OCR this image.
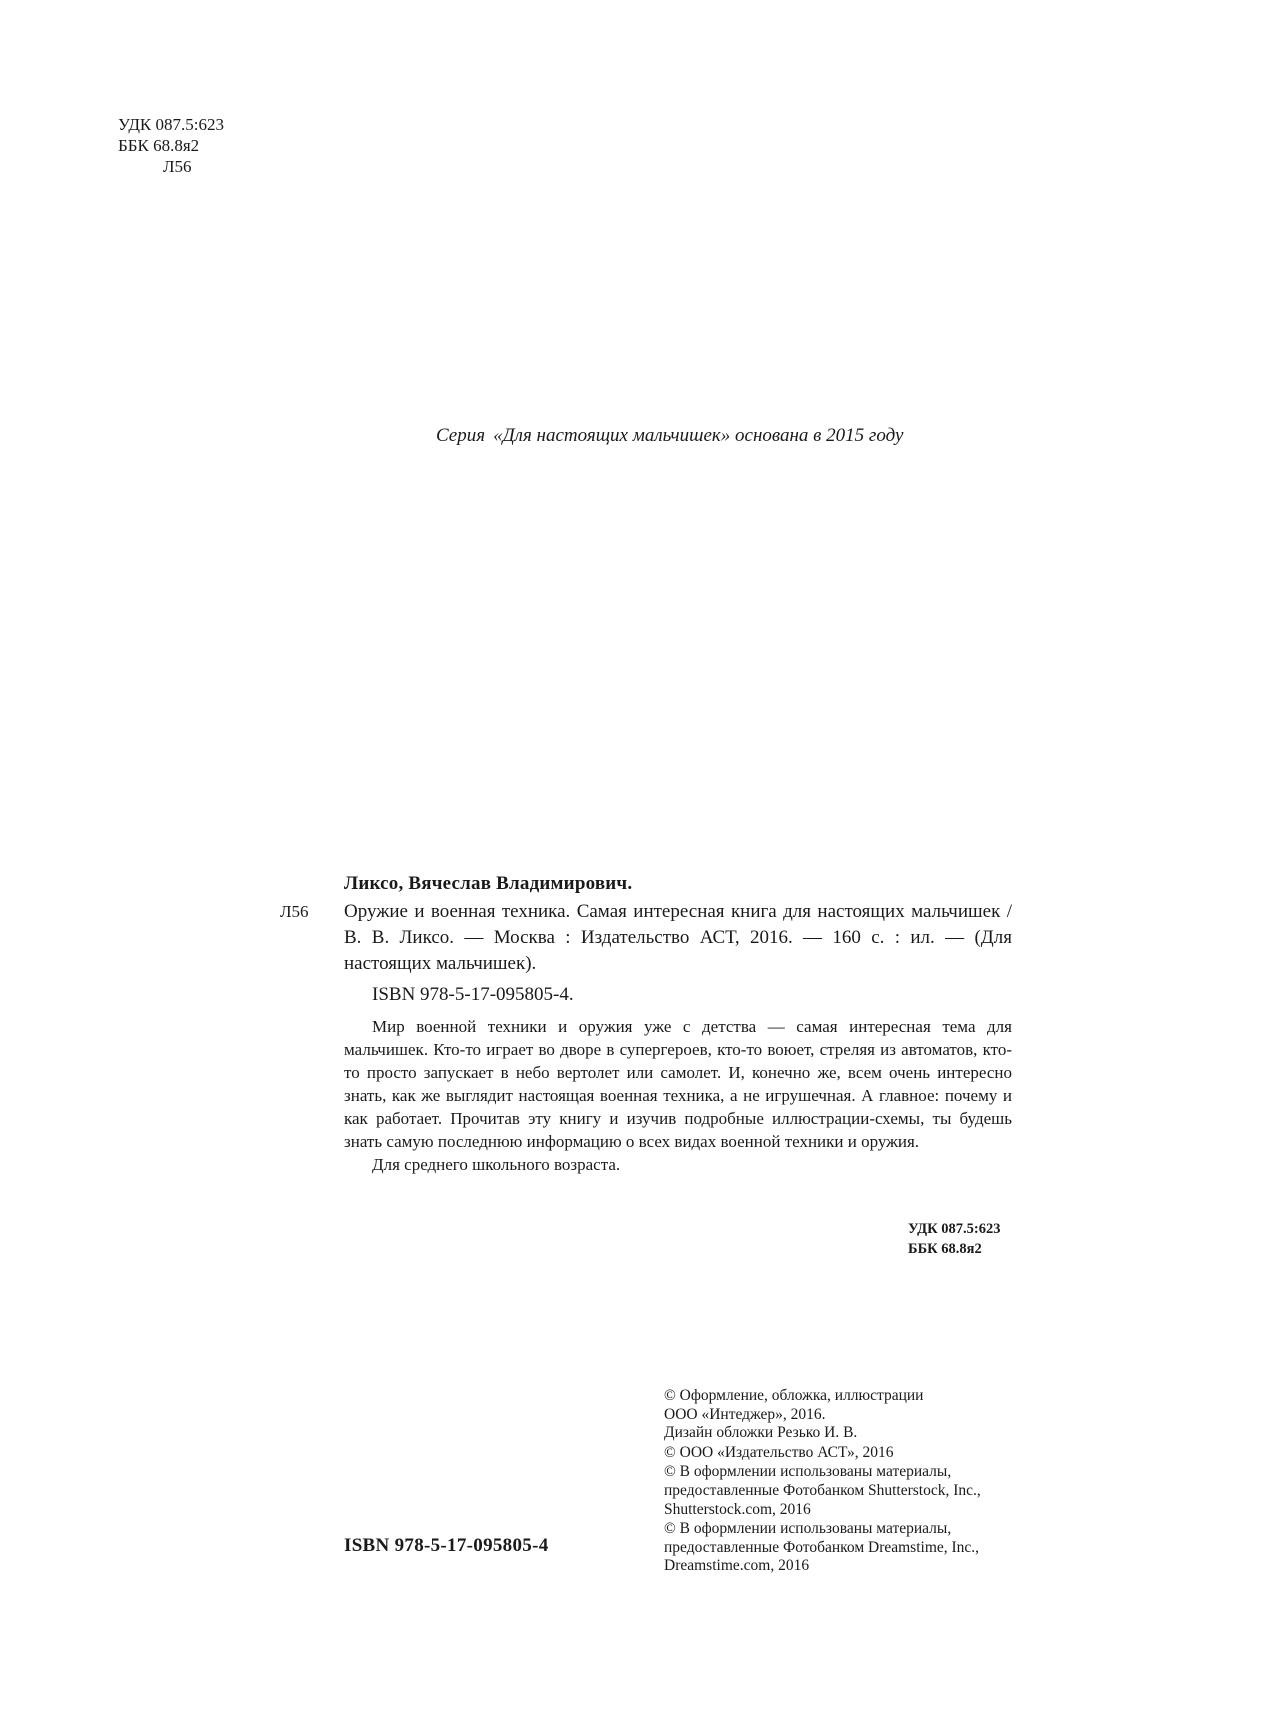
УДК 087.5:623
ББК 68.8я2
Л56
Серия «Для настоящих мальчишек» основана в 2015 году
Ликсо, Вячеслав Владимирович.
Л56 Оружие и военная техника. Самая интересная книга для настоящих мальчишек / В. В. Ликсо. — Москва : Издательство АСТ, 2016. — 160 с. : ил. — (Для настоящих мальчишек).

ISBN 978-5-17-095805-4.

Мир военной техники и оружия уже с детства — самая интересная тема для мальчишек. Кто-то играет во дворе в супергероев, кто-то воюет, стреляя из автоматов, кто-то просто запускает в небо вертолет или самолет. И, конечно же, всем очень интересно знать, как же выглядит настоящая военная техника, а не игрушечная. А главное: почему и как работает. Прочитав эту книгу и изучив подробные иллюстрации-схемы, ты будешь знать самую последнюю информацию о всех видах военной техники и оружия.

Для среднего школьного возраста.

УДК 087.5:623
ББК 68.8я2

© Оформление, обложка, иллюстрации

ООО «Интеджер», 2016.

Дизайн обложки Резько И. В.

© ООО «Издательство АСТ», 2016

© В оформлении использованы материалы,

предоставленные Фотобанком Shutterstock, Inc.,

Shutterstock.com, 2016

© В оформлении использованы материалы,

предоставленные Фотобанком Dreamstime, Inc.,

Dreamstime.com, 2016

ISBN 978-5-17-095805-4
